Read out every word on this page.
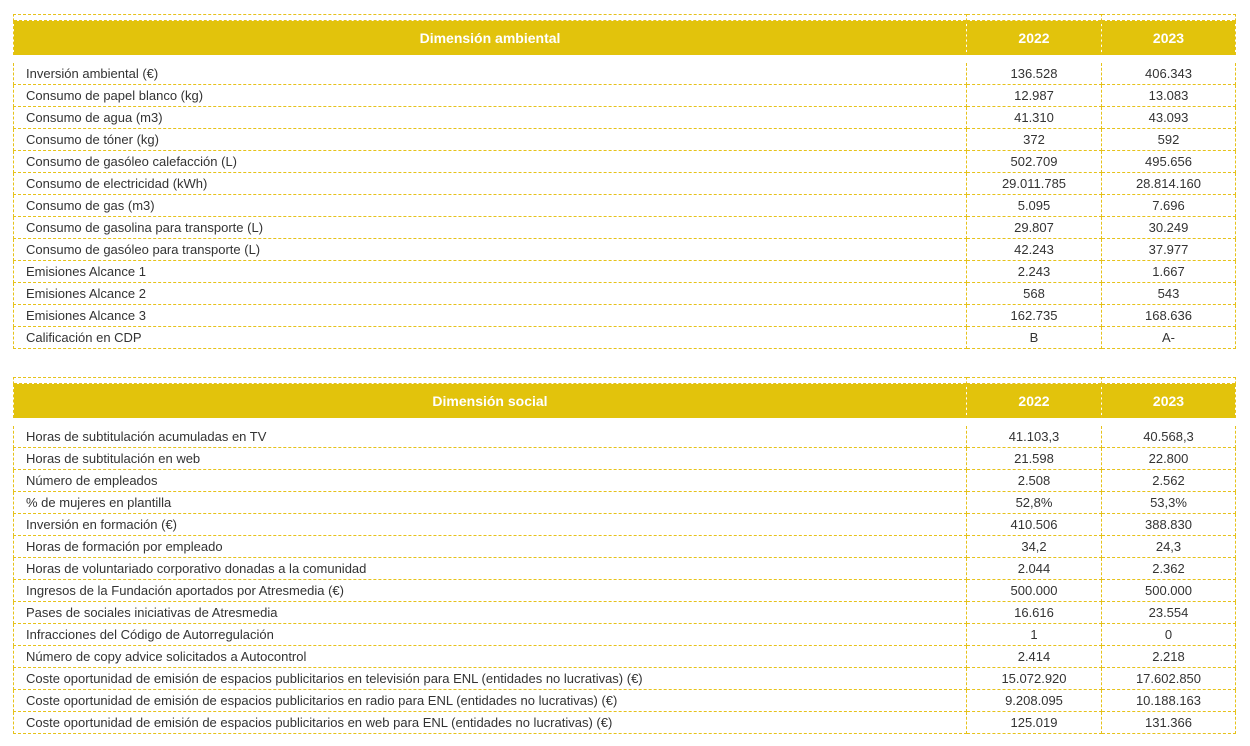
Dimensión ambiental	2022	2023
Inversión ambiental (€)	136.528	406.343
Consumo de papel blanco (kg)	12.987	13.083
Consumo de agua (m3)	41.310	43.093
Consumo de tóner (kg)	372	592
Consumo de gasóleo calefacción (L)	502.709	495.656
Consumo de electricidad (kWh)	29.011.785	28.814.160
Consumo de gas (m3)	5.095	7.696
Consumo de gasolina para transporte (L)	29.807	30.249
Consumo de gasóleo para transporte (L)	42.243	37.977
Emisiones Alcance 1	2.243	1.667
Emisiones Alcance 2	568	543
Emisiones Alcance 3	162.735	168.636
Calificación en CDP	B	A-

Dimensión social	2022	2023
Horas de subtitulación acumuladas en TV	41.103,3	40.568,3
Horas de subtitulación en web	21.598	22.800
Número de empleados	2.508	2.562
% de mujeres en plantilla	52,8%	53,3%
Inversión en formación (€)	410.506	388.830
Horas de formación por empleado	34,2	24,3
Horas de voluntariado corporativo donadas a la comunidad	2.044	2.362
Ingresos de la Fundación aportados por Atresmedia (€)	500.000	500.000
Pases de sociales iniciativas de Atresmedia	16.616	23.554
Infracciones del Código de Autorregulación	1	0
Número de copy advice solicitados a Autocontrol	2.414	2.218
Coste oportunidad de emisión de espacios publicitarios en televisión para ENL (entidades no lucrativas) (€)	15.072.920	17.602.850
Coste oportunidad de emisión de espacios publicitarios en radio para ENL (entidades no lucrativas) (€)	9.208.095	10.188.163
Coste oportunidad de emisión de espacios publicitarios en web para ENL (entidades no lucrativas) (€)	125.019	131.366
